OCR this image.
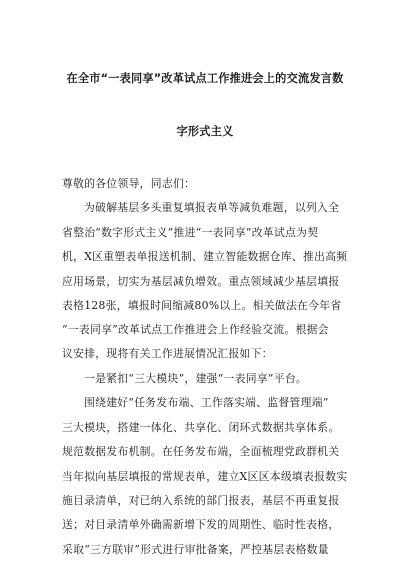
在全市“一表同享”改革试点工作推进会上的交流发言数
字形式主义
尊敬的各位领导，同志们：
为破解基层多头重复填报表单等减负难题，以列入全
省整治“数字形式主义”推进“一表同享”改革试点为契
机，X区重塑表单报送机制、建立智能数据仓库、推出高频
应用场景，切实为基层减负增效。重点领域减少基层填报
表格128张，填报时间缩减80%以上。相关做法在今年省
“一表同享”改革试点工作推进会上作经验交流。根据会
议安排，现将有关工作进展情况汇报如下：
一是紧扣“三大模块”，建强“一表同享”平台。
围绕建好“任务发布端、工作落实端、监督管理端”
三大模块，搭建一体化、共享化、闭环式数据共享体系。
规范数据发布机制。在任务发布端，全面梳理党政群机关
当年拟向基层填报的常规表单，建立X区区本级填表报数实
施目录清单，对已纳入系统的部门报表，基层不再重复报
送；对目录清单外确需新增下发的周期性、临时性表格，
采取“三方联审”形式进行审批备案，严控基层表格数量
